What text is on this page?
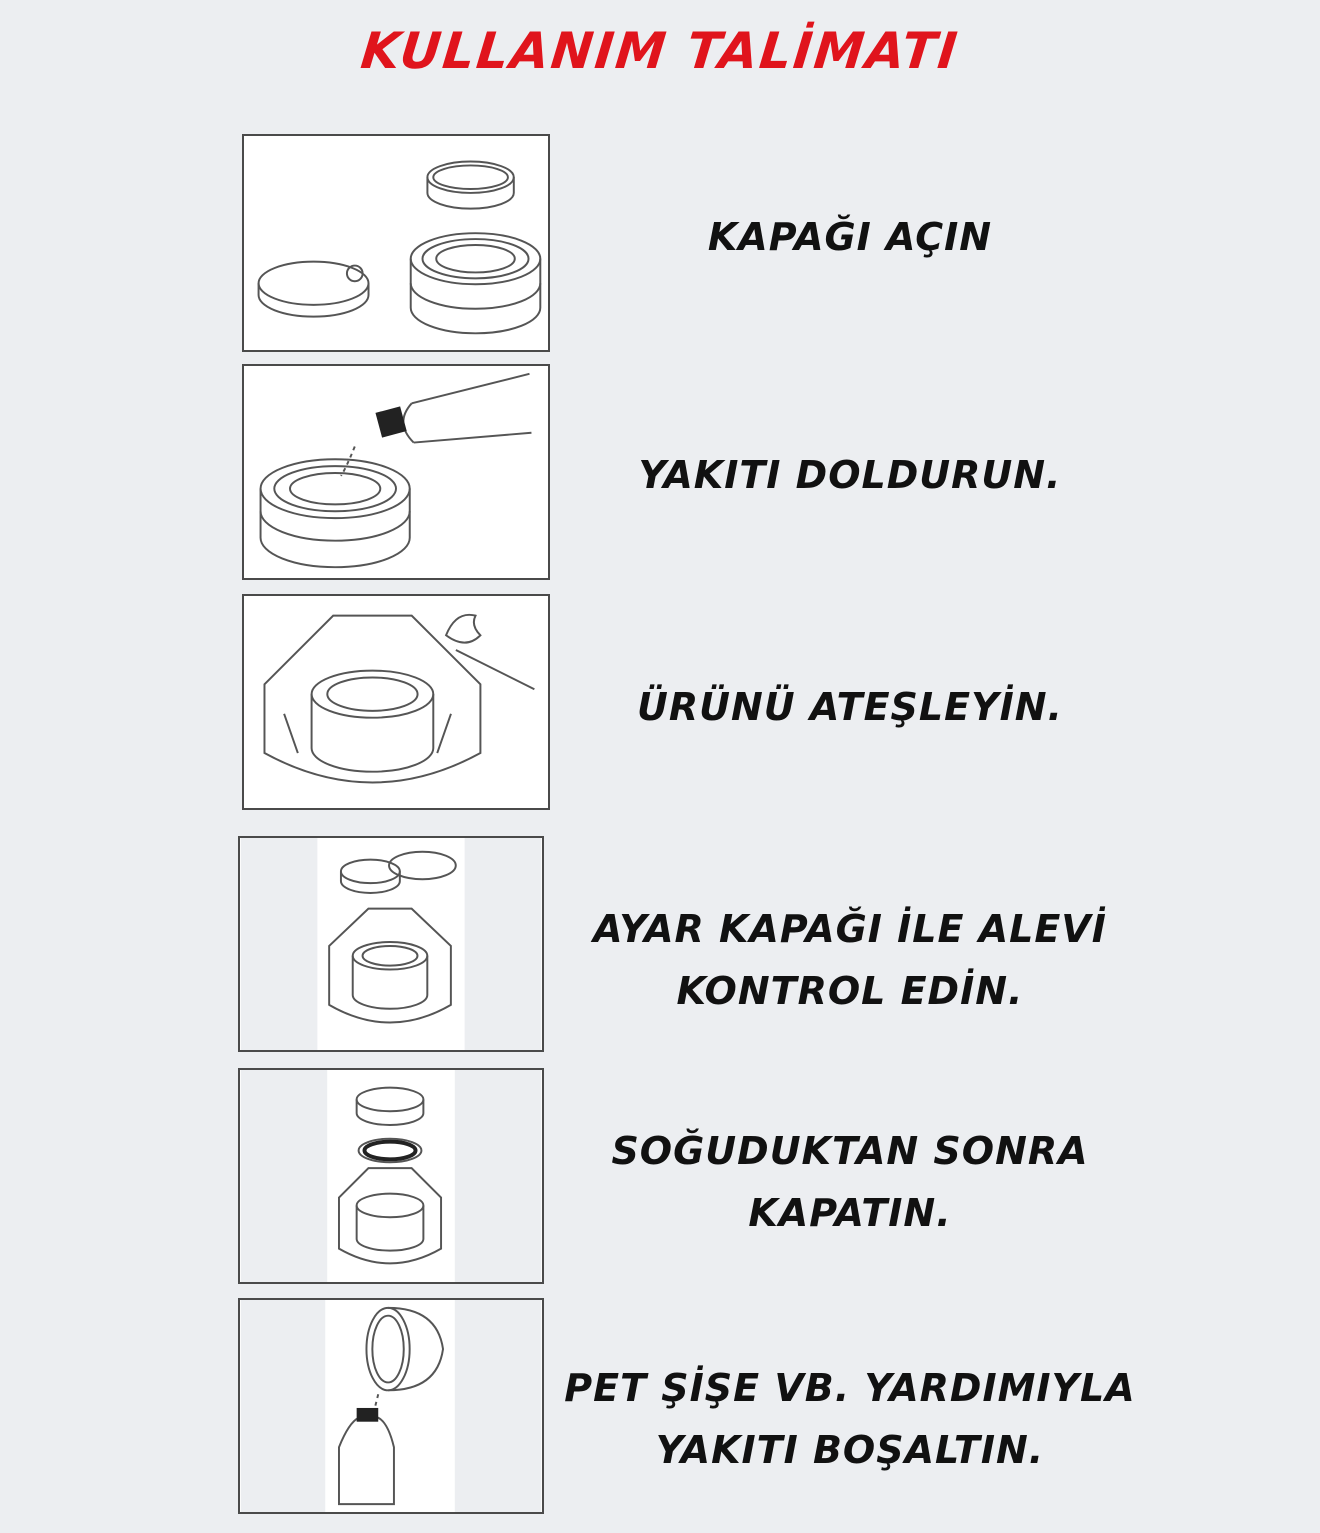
KULLANIM TALİMATI
KAPAĞI AÇIN
YAKITI DOLDURUN.
ÜRÜNÜ ATEŞLEYİN.
AYAR KAPAĞI İLE ALEVİ
KONTROL EDİN.
SOĞUDUKTAN SONRA
KAPATIN.
PET ŞİŞE VB. YARDIMIYLA
YAKITI BOŞALTIN.
